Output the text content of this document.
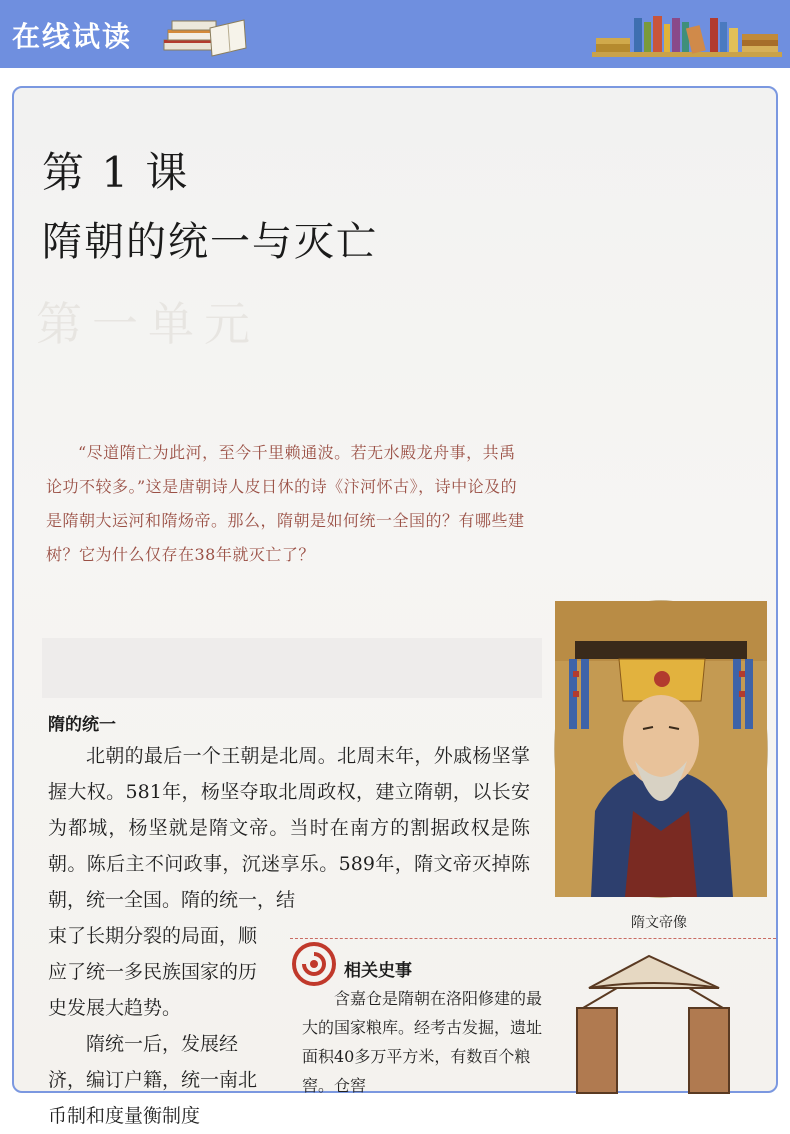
在线试读
第 1 课
隋朝的统一与灭亡
第一单元
“尽道隋亡为此河，至今千里赖通波。若无水殿龙舟事，共禹论功不较多。”这是唐朝诗人皮日休的诗《汴河怀古》，诗中论及的是隋朝大运河和隋炀帝。那么，隋朝是如何统一全国的？有哪些建树？它为什么仅存在38年就灭亡了？
隋文帝像
隋的统一
北朝的最后一个王朝是北周。北周末年，外戚杨坚掌握大权。581年，杨坚夺取北周政权，建立隋朝，以长安为都城，杨坚就是隋文帝。当时在南方的割据政权是陈朝。陈后主不问政事，沉迷享乐。589年，隋文帝灭掉陈朝，统一全国。隋的统一，结

束了长期分裂的局面，顺应了统一多民族国家的历史发展大趋势。

隋统一后，发展经济，编订户籍，统一南北币制和度量衡制度

相关史事
含嘉仓是隋朝在洛阳修建的最大的国家粮库。经考古发掘，遗址面积40多万平方米，有数百个粮窖。仓窖
